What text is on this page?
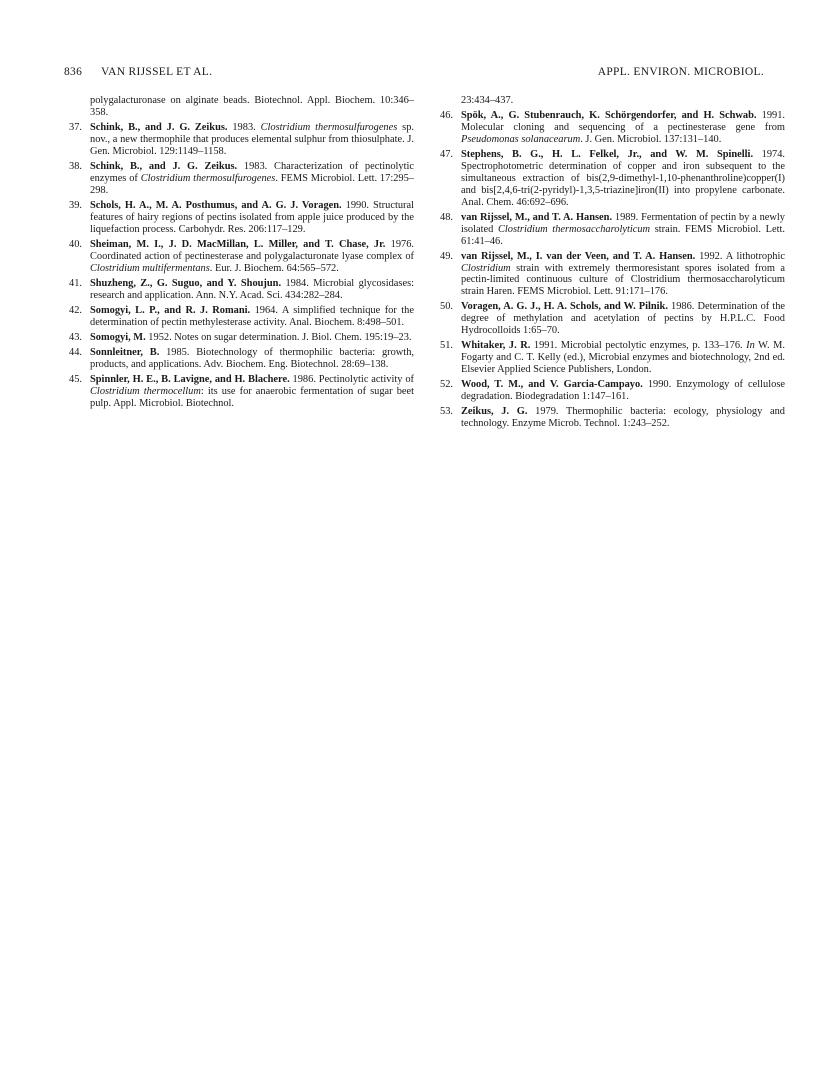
836 VAN RIJSSEL ET AL.	APPL. ENVIRON. MICROBIOL.
polygalacturonase on alginate beads. Biotechnol. Appl. Biochem. 10:346–358.
37. Schink, B., and J. G. Zeikus. 1983. Clostridium thermosulfurogenes sp. nov., a new thermophile that produces elemental sulphur from thiosulphate. J. Gen. Microbiol. 129:1149–1158.
38. Schink, B., and J. G. Zeikus. 1983. Characterization of pectinolytic enzymes of Clostridium thermosulfurogenes. FEMS Microbiol. Lett. 17:295–298.
39. Schols, H. A., M. A. Posthumus, and A. G. J. Voragen. 1990. Structural features of hairy regions of pectins isolated from apple juice produced by the liquefaction process. Carbohydr. Res. 206:117–129.
40. Sheiman, M. I., J. D. MacMillan, L. Miller, and T. Chase, Jr. 1976. Coordinated action of pectinesterase and polygalacturonate lyase complex of Clostridium multifermentans. Eur. J. Biochem. 64:565–572.
41. Shuzheng, Z., G. Suguo, and Y. Shoujun. 1984. Microbial glycosidases: research and application. Ann. N.Y. Acad. Sci. 434:282–284.
42. Somogyi, L. P., and R. J. Romani. 1964. A simplified technique for the determination of pectin methylesterase activity. Anal. Biochem. 8:498–501.
43. Somogyi, M. 1952. Notes on sugar determination. J. Biol. Chem. 195:19–23.
44. Sonnleitner, B. 1985. Biotechnology of thermophilic bacteria: growth, products, and applications. Adv. Biochem. Eng. Biotechnol. 28:69–138.
45. Spinnler, H. E., B. Lavigne, and H. Blachere. 1986. Pectinolytic activity of Clostridium thermocellum: its use for anaerobic fermentation of sugar beet pulp. Appl. Microbiol. Biotechnol.
23:434–437.
46. Spök, A., G. Stubenrauch, K. Schörgendorfer, and H. Schwab. 1991. Molecular cloning and sequencing of a pectinesterase gene from Pseudomonas solanacearum. J. Gen. Microbiol. 137:131–140.
47. Stephens, B. G., H. L. Felkel, Jr., and W. M. Spinelli. 1974. Spectrophotometric determination of copper and iron subsequent to the simultaneous extraction of bis(2,9-dimethyl-1,10-phenanthroline)copper(I) and bis[2,4,6-tri(2-pyridyl)-1,3,5-triazine]iron(II) into propylene carbonate. Anal. Chem. 46:692–696.
48. van Rijssel, M., and T. A. Hansen. 1989. Fermentation of pectin by a newly isolated Clostridium thermosaccharolyticum strain. FEMS Microbiol. Lett. 61:41–46.
49. van Rijssel, M., I. van der Veen, and T. A. Hansen. 1992. A lithotrophic Clostridium strain with extremely thermoresistant spores isolated from a pectin-limited continuous culture of Clostridium thermosaccharolyticum strain Haren. FEMS Microbiol. Lett. 91:171–176.
50. Voragen, A. G. J., H. A. Schols, and W. Pilnik. 1986. Determination of the degree of methylation and acetylation of pectins by H.P.L.C. Food Hydrocolloids 1:65–70.
51. Whitaker, J. R. 1991. Microbial pectolytic enzymes, p. 133–176. In W. M. Fogarty and C. T. Kelly (ed.), Microbial enzymes and biotechnology, 2nd ed. Elsevier Applied Science Publishers, London.
52. Wood, T. M., and V. Garcia-Campayo. 1990. Enzymology of cellulose degradation. Biodegradation 1:147–161.
53. Zeikus, J. G. 1979. Thermophilic bacteria: ecology, physiology and technology. Enzyme Microb. Technol. 1:243–252.
